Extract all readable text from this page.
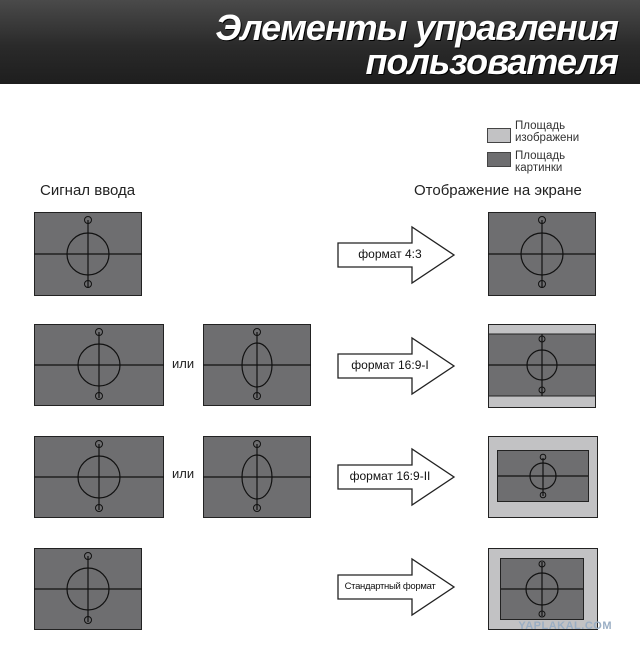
Элементы управления
пользователя
Площадь
изображени
Площадь
картинки
Сигнал ввода	Отображение на экране
формат 4:3
или	формат 16:9-I
или	формат 16:9-II
Стандартный формат
YAPLAKAL.COM
